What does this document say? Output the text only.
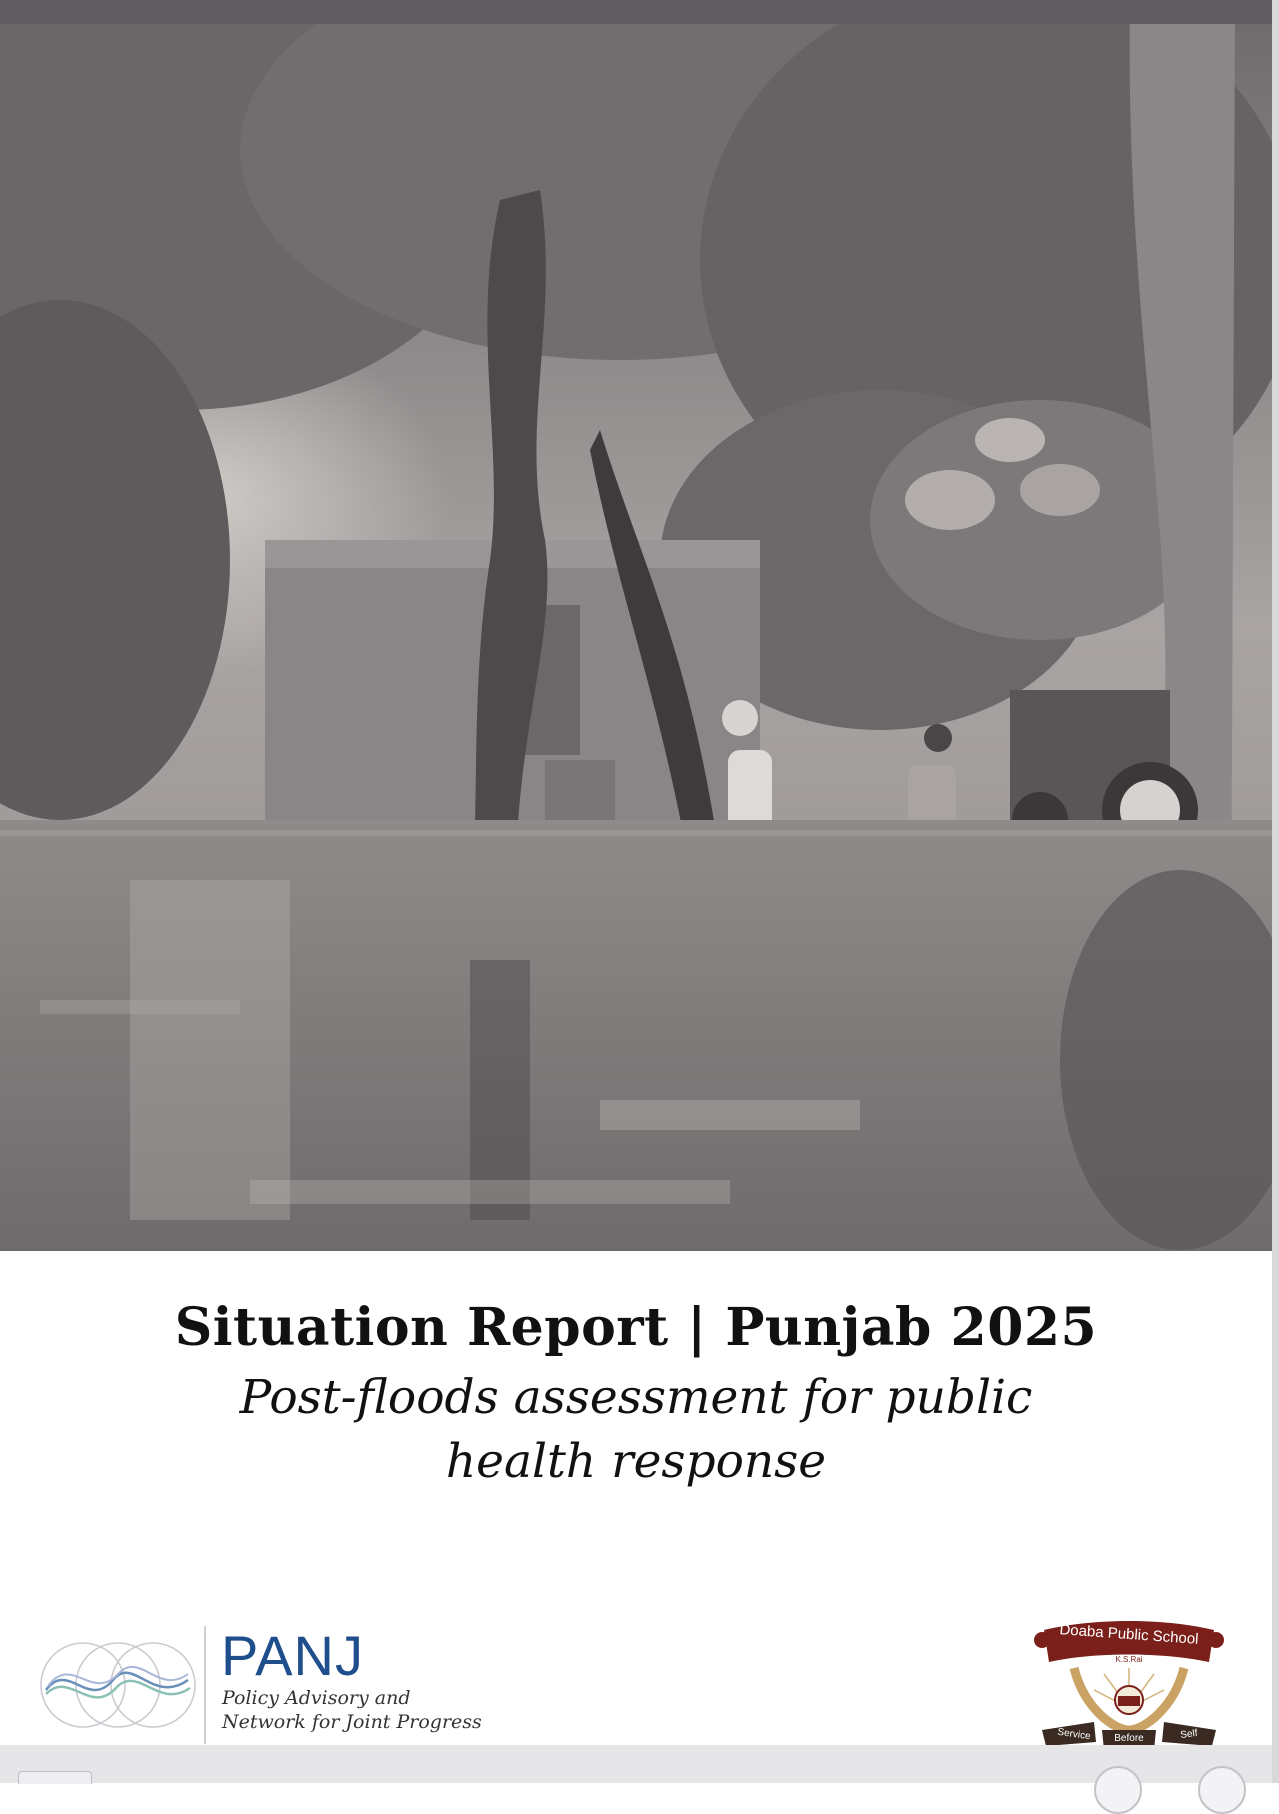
Situation Report | Punjab 2025
Post-floods assessment for public health response
PANJ
Policy Advisory and
Network for Joint Progress
Doaba Public School
K.S.Rai
Service	Before	Self
